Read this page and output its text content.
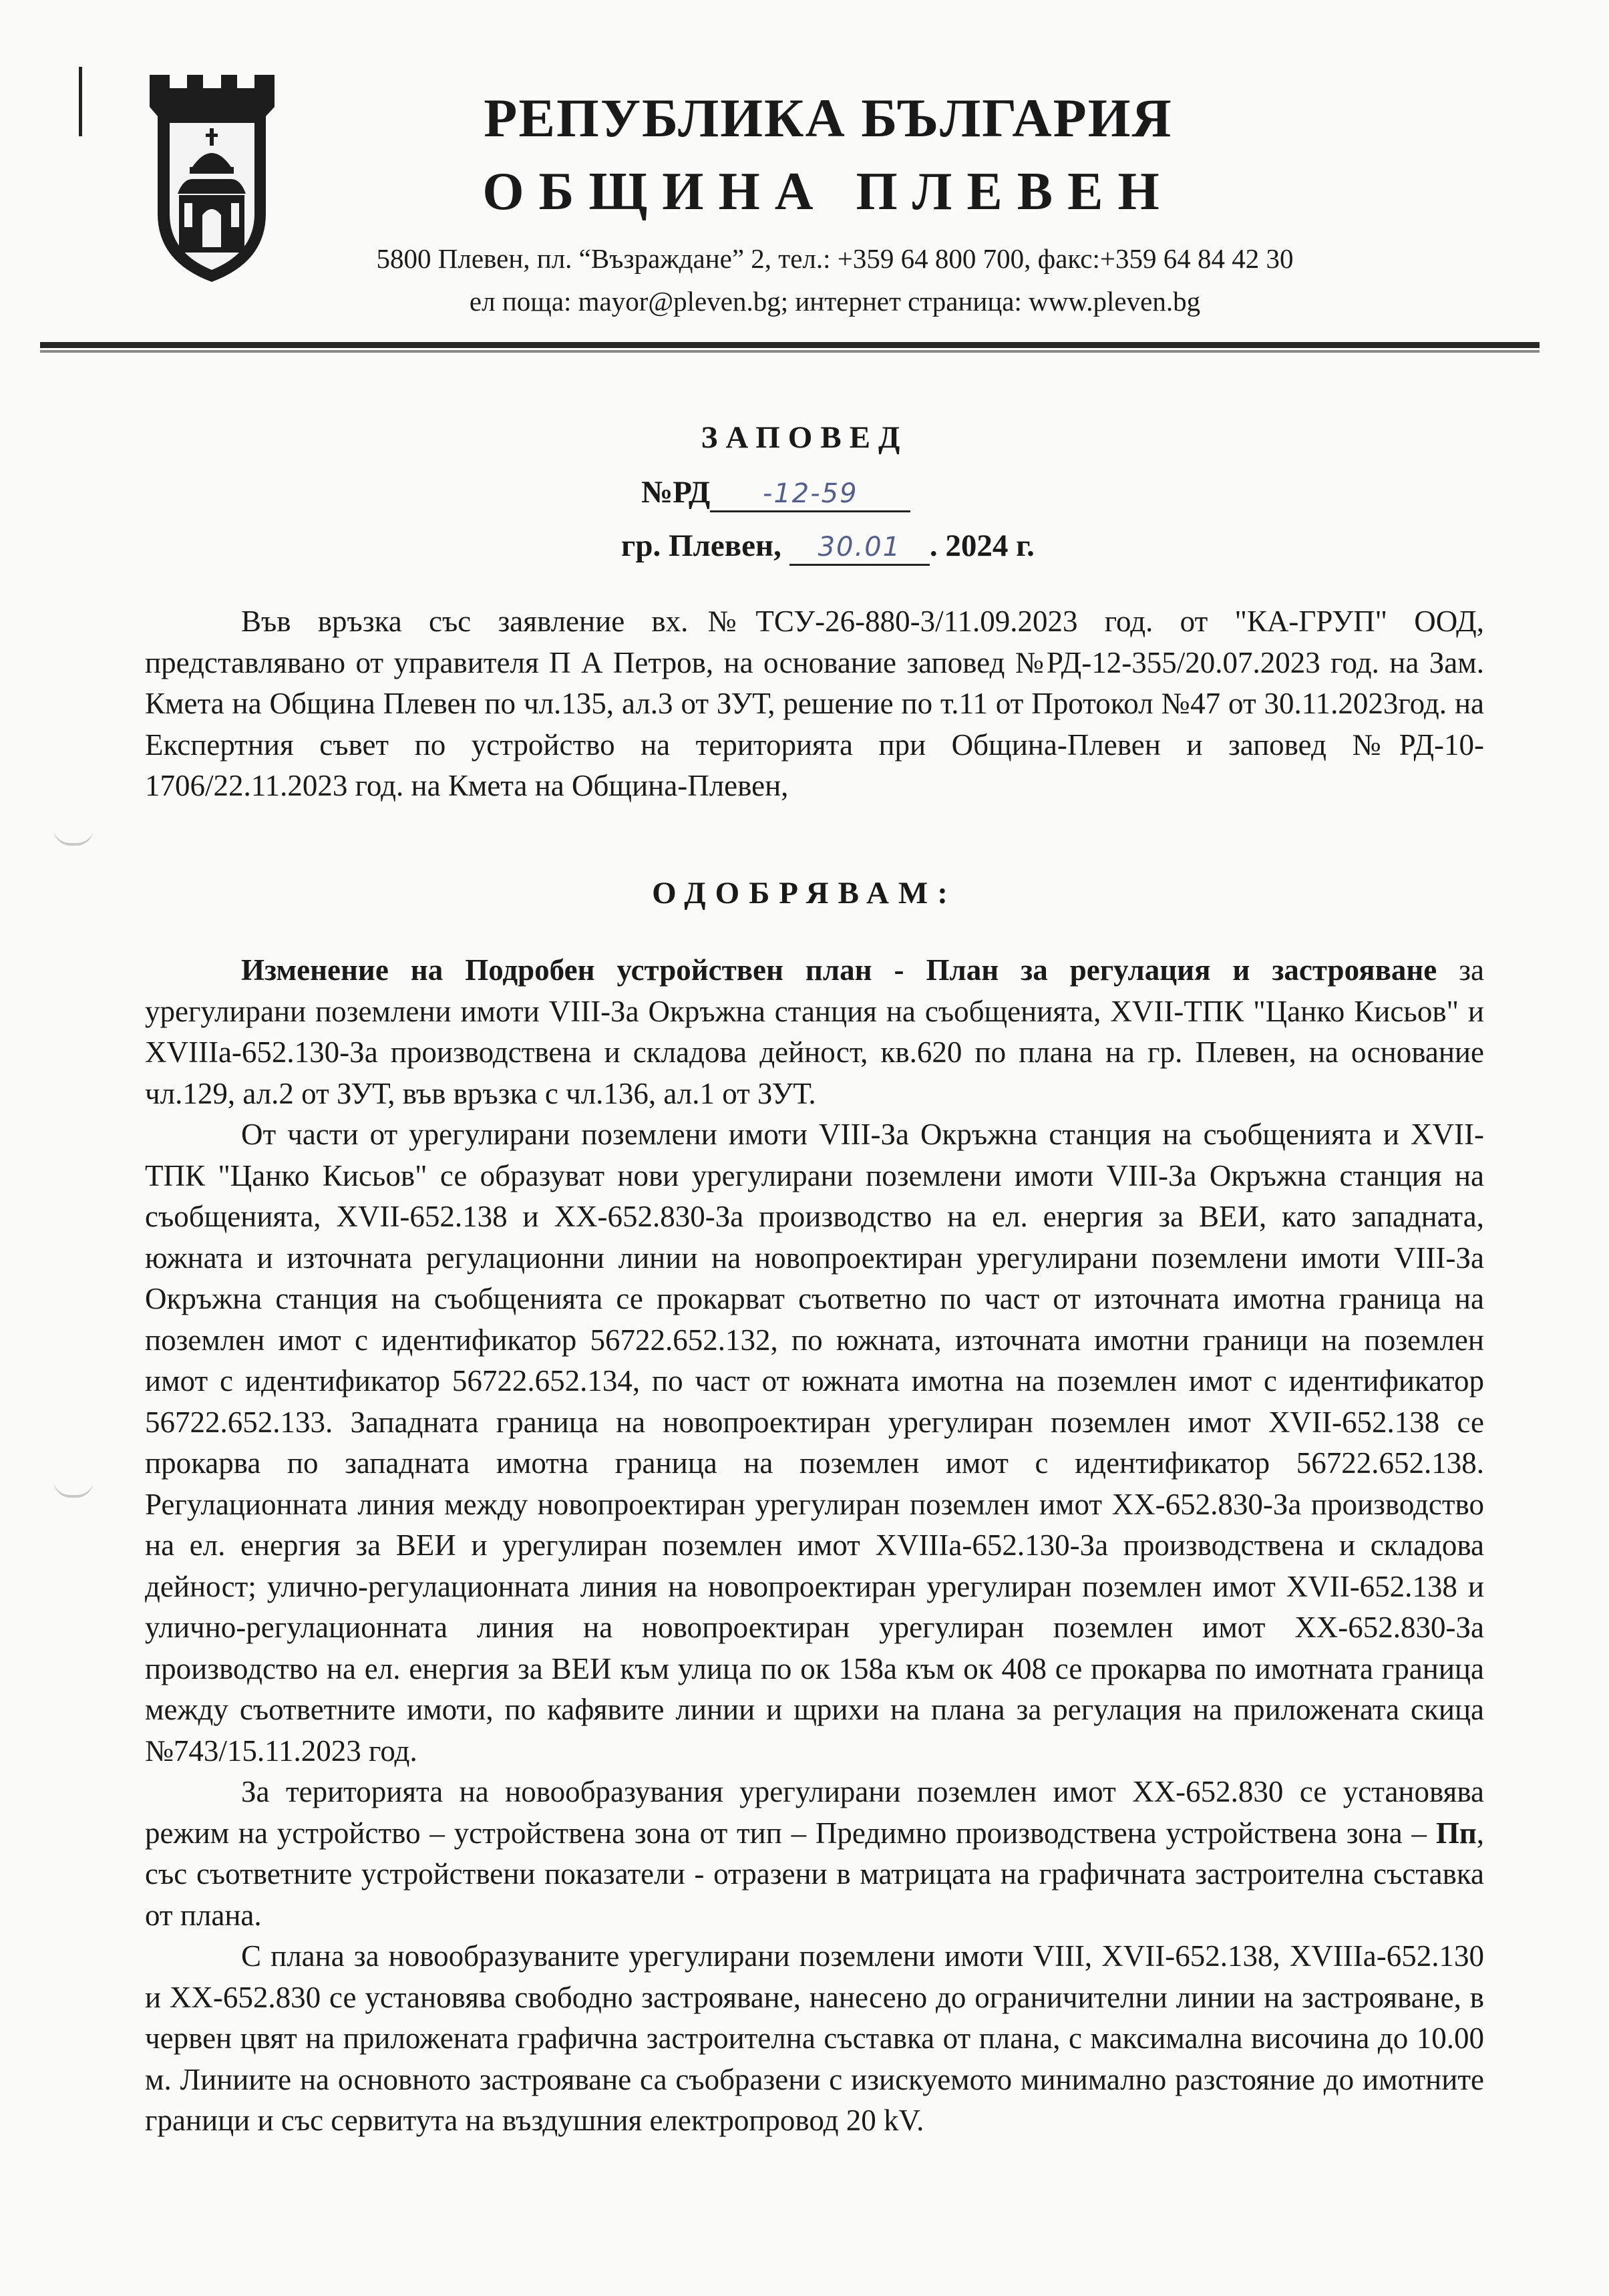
РЕПУБЛИКА БЪЛГАРИЯ
ОБЩИНА ПЛЕВЕН
5800 Плевен, пл. “Възраждане” 2, тел.: +359 64 800 700, факс:+359 64 84 42 30
ел поща: mayor@pleven.bg; интернет страница: www.pleven.bg
ЗАПОВЕД
№РД -12-59
гр. Плевен, 30.01 . 2024 г.
Във връзка със заявление вх.№ТСУ-26-880-3/11.09.2023 год. от "КА-ГРУП" ООД, представлявано от управителя П А Петров, на основание заповед №РД-12-355/20.07.2023 год. на Зам. Кмета на Община Плевен по чл.135, ал.3 от ЗУТ, решение по т.11 от Протокол №47 от 30.11.2023год. на Експертния съвет по устройство на територията при Община-Плевен и заповед №РД-10-1706/22.11.2023 год. на Кмета на Община-Плевен,
ОДОБРЯВАМ:

Изменение на Подробен устройствен план - План за регулация и застрояване за урегулирани поземлени имоти VIII-За Окръжна станция на съобщенията, XVII-ТПК "Цанко Кисьов" и XVIIIа-652.130-За производствена и складова дейност, кв.620 по плана на гр. Плевен, на основание чл.129, ал.2 от ЗУТ, във връзка с чл.136, ал.1 от ЗУТ.

От части от урегулирани поземлени имоти VIII-За Окръжна станция на съобщенията и XVII-ТПК "Цанко Кисьов" се образуват нови урегулирани поземлени имоти VIII-За Окръжна станция на съобщенията, XVII-652.138 и XX-652.830-За производство на ел. енергия за ВЕИ, като западната, южната и източната регулационни линии на новопроектиран урегулирани поземлени имоти VIII-За Окръжна станция на съобщенията се прокарват съответно по част от източната имотна граница на поземлен имот с идентификатор 56722.652.132, по южната, източната имотни граници на поземлен имот с идентификатор 56722.652.134, по част от южната имотна на поземлен имот с идентификатор 56722.652.133. Западната граница на новопроектиран урегулиран поземлен имот XVII-652.138 се прокарва по западната имотна граница на поземлен имот с идентификатор 56722.652.138. Регулационната линия между новопроектиран урегулиран поземлен имот XX-652.830-За производство на ел. енергия за ВЕИ и урегулиран поземлен имот XVIIIа-652.130-За производствена и складова дейност; улично-регулационната линия на новопроектиран урегулиран поземлен имот XVII-652.138 и улично-регулационната линия на новопроектиран урегулиран поземлен имот XX-652.830-За производство на ел. енергия за ВЕИ към улица по ок 158а към ок 408 се прокарва по имотната граница между съответните имоти, по кафявите линии и щрихи на плана за регулация на приложената скица №743/15.11.2023 год.

За територията на новообразувания урегулирани поземлен имот XX-652.830 се установява режим на устройство – устройствена зона от тип – Предимно производствена устройствена зона – Пп, със съответните устройствени показатели - отразени в матрицата на графичната застроителна съставка от плана.

С плана за новообразуваните урегулирани поземлени имоти VIII, XVII-652.138, XVIIIа-652.130 и XX-652.830 се установява свободно застрояване, нанесено до ограничителни линии на застрояване, в червен цвят на приложената графична застроителна съставка от плана, с максимална височина до 10.00 м. Линиите на основното застрояване са съобразени с изискуемото минимално разстояние до имотните граници и със сервитута на въздушния електропровод 20 kV.
